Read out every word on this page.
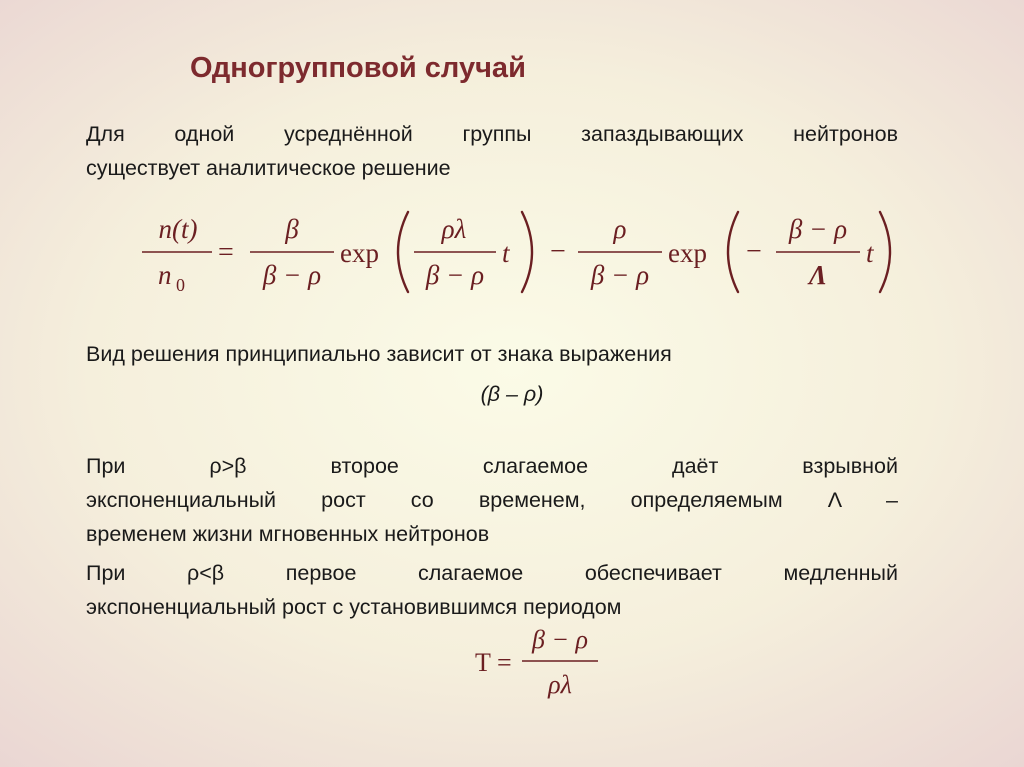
Одногрупповой случай
Для одной усреднённой группы запаздывающих нейтронов
существует аналитическое решение
n(t)
n 0
=
β
β − ρ
exp
ρλ
β − ρ
t −
ρ
β − ρ
exp −
β − ρ
Λ
t
T =
β − ρ
ρλ
Вид решения принципиально зависит от знака выражения
(β – ρ)
При ρ>β второе слагаемое даёт взрывной
экспоненциальный рост со временем, определяемым Λ –
временем жизни мгновенных нейтронов
При ρ<β первое слагаемое обеспечивает медленный
экспоненциальный рост с установившимся периодом
